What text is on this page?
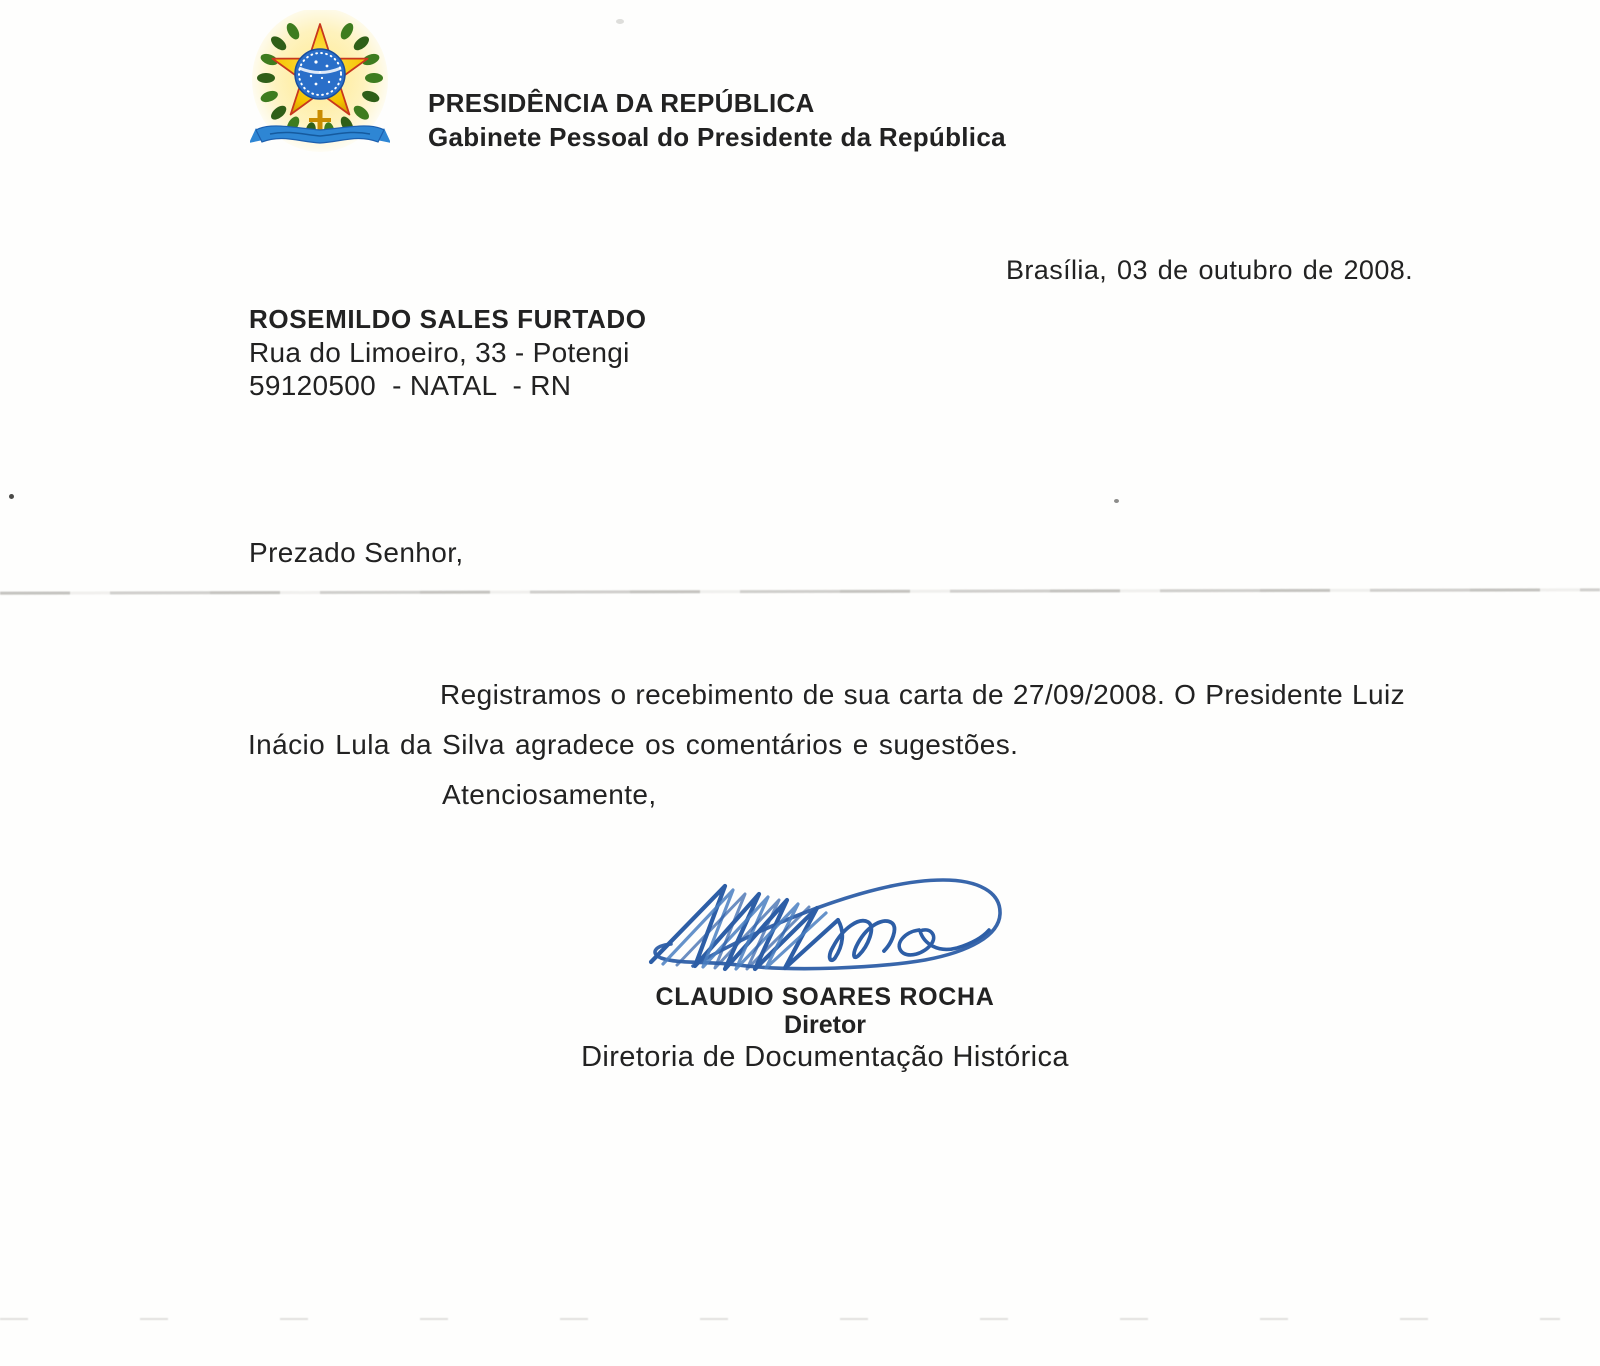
PRESIDÊNCIA DA REPÚBLICA
Gabinete Pessoal do Presidente da República
Brasília, 03 de outubro de 2008.
ROSEMILDO SALES FURTADO
Rua do Limoeiro, 33 - Potengi
59120500  - NATAL  - RN
Prezado Senhor,
Registramos o recebimento de sua carta de 27/09/2008. O Presidente Luiz
Inácio Lula da Silva agradece os comentários e sugestões.
Atenciosamente,
CLAUDIO SOARES ROCHA
Diretor
Diretoria de Documentação Histórica
